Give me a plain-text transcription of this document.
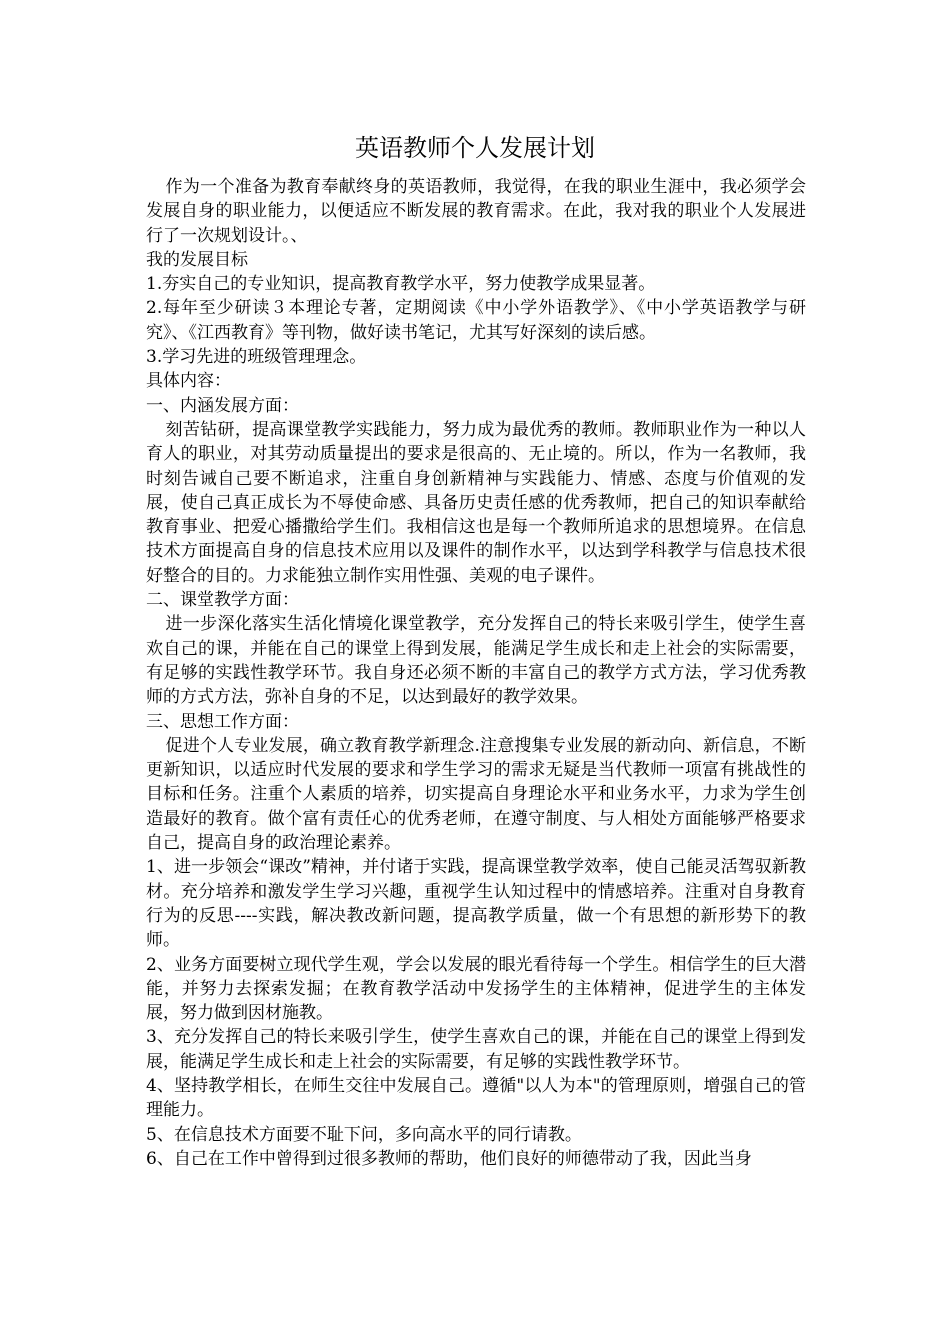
英语教师个人发展计划

作为一个准备为教育奉献终身的英语教师，我觉得，在我的职业生涯中，我必须学会发展自身的职业能力，以便适应不断发展的教育需求。在此，我对我的职业个人发展进行了一次规划设计。、

我的发展目标

1.夯实自己的专业知识，提高教育教学水平，努力使教学成果显著。

2.每年至少研读３本理论专著，定期阅读《中小学外语教学》、《中小学英语教学与研究》、《江西教育》等刊物，做好读书笔记，尤其写好深刻的读后感。

3.学习先进的班级管理理念。

具体内容：

一、内涵发展方面：

刻苦钻研，提高课堂教学实践能力，努力成为最优秀的教师。教师职业作为一种以人育人的职业，对其劳动质量提出的要求是很高的、无止境的。所以，作为一名教师，我时刻告诫自己要不断追求，注重自身创新精神与实践能力、情感、态度与价值观的发展，使自己真正成长为不辱使命感、具备历史责任感的优秀教师，把自己的知识奉献给教育事业、把爱心播撒给学生们。我相信这也是每一个教师所追求的思想境界。在信息技术方面提高自身的信息技术应用以及课件的制作水平，以达到学科教学与信息技术很好整合的目的。力求能独立制作实用性强、美观的电子课件。

二、课堂教学方面：

进一步深化落实生活化情境化课堂教学，充分发挥自己的特长来吸引学生，使学生喜欢自己的课，并能在自己的课堂上得到发展，能满足学生成长和走上社会的实际需要，有足够的实践性教学环节。我自身还必须不断的丰富自己的教学方式方法，学习优秀教师的方式方法，弥补自身的不足，以达到最好的教学效果。

三、思想工作方面：

促进个人专业发展，确立教育教学新理念.注意搜集专业发展的新动向、新信息，不断更新知识，以适应时代发展的要求和学生学习的需求无疑是当代教师一项富有挑战性的目标和任务。注重个人素质的培养，切实提高自身理论水平和业务水平，力求为学生创造最好的教育。做个富有责任心的优秀老师，在遵守制度、与人相处方面能够严格要求自己，提高自身的政治理论素养。

1、进一步领会“课改”精神，并付诸于实践，提高课堂教学效率，使自己能灵活驾驭新教材。充分培养和激发学生学习兴趣，重视学生认知过程中的情感培养。注重对自身教育行为的反思----实践，解决教改新问题，提高教学质量，做一个有思想的新形势下的教师。

2、业务方面要树立现代学生观，学会以发展的眼光看待每一个学生。相信学生的巨大潜能，并努力去探索发掘；在教育教学活动中发扬学生的主体精神，促进学生的主体发展，努力做到因材施教。

3、充分发挥自己的特长来吸引学生，使学生喜欢自己的课，并能在自己的课堂上得到发展，能满足学生成长和走上社会的实际需要，有足够的实践性教学环节。

4、坚持教学相长，在师生交往中发展自己。遵循"以人为本"的管理原则，增强自己的管理能力。

5、在信息技术方面要不耻下问，多向高水平的同行请教。

6、自己在工作中曾得到过很多教师的帮助，他们良好的师德带动了我，因此当身
